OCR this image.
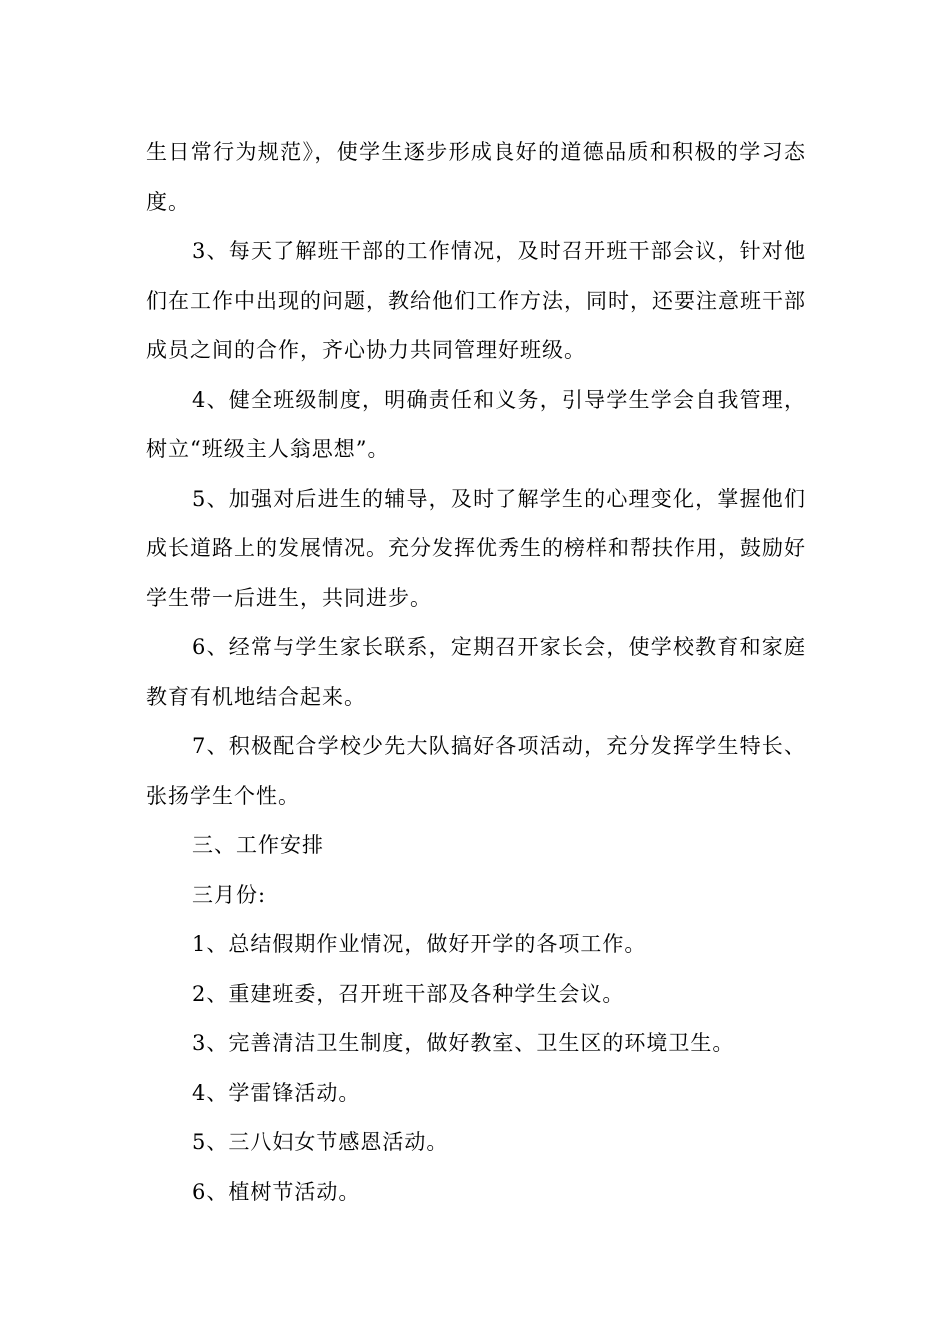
生日常行为规范》，使学生逐步形成良好的道德品质和积极的学习态度。

3、每天了解班干部的工作情况，及时召开班干部会议，针对他们在工作中出现的问题，教给他们工作方法，同时，还要注意班干部成员之间的合作，齐心协力共同管理好班级。

4、健全班级制度，明确责任和义务，引导学生学会自我管理，树立“班级主人翁思想”。

5、加强对后进生的辅导，及时了解学生的心理变化，掌握他们成长道路上的发展情况。充分发挥优秀生的榜样和帮扶作用，鼓励好学生带一后进生，共同进步。

6、经常与学生家长联系，定期召开家长会，使学校教育和家庭教育有机地结合起来。

7、积极配合学校少先大队搞好各项活动，充分发挥学生特长、张扬学生个性。

三、工作安排

三月份:

1、总结假期作业情况，做好开学的各项工作。

2、重建班委，召开班干部及各种学生会议。

3、完善清洁卫生制度，做好教室、卫生区的环境卫生。

4、学雷锋活动。

5、三八妇女节感恩活动。

6、植树节活动。
